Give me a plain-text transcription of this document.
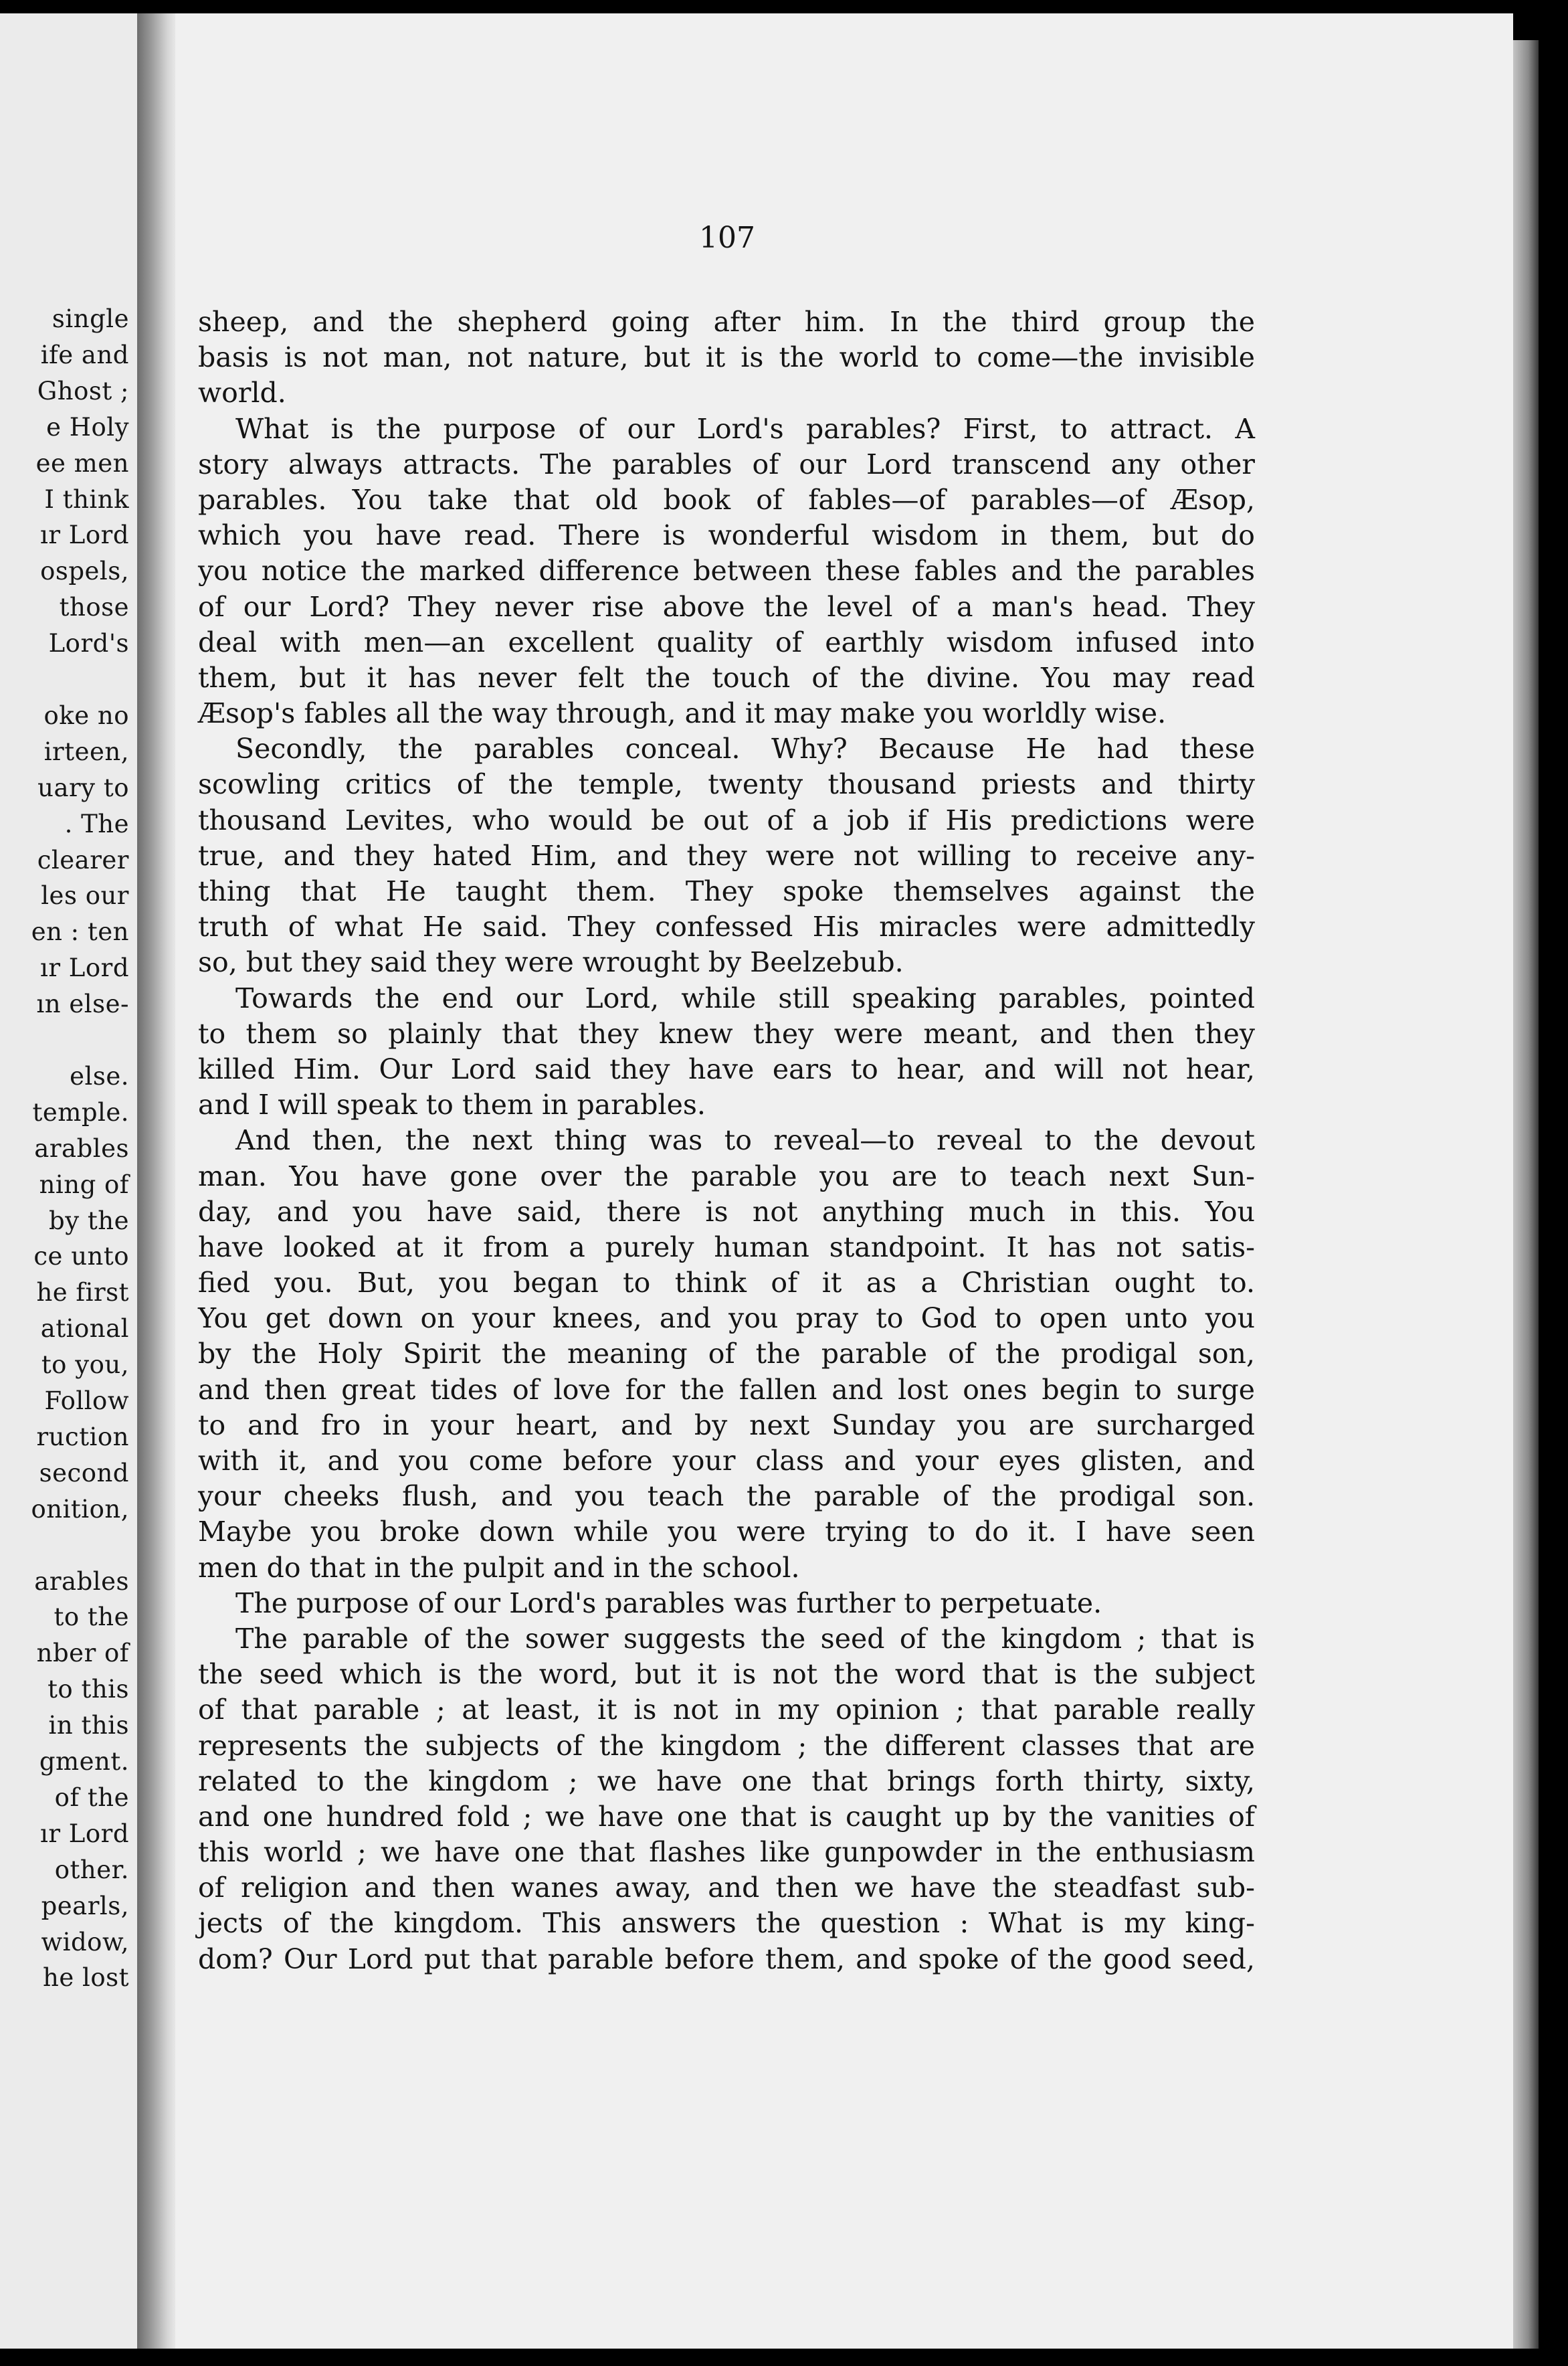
single
ife and
Ghost ;
e Holy
ee men
I think
ır Lord
ospels,
those
Lord's
oke no
irteen,
uary to
. The
clearer
les our
en : ten
ır Lord
ın else-
else.
temple.
arables
ning of
by the
ce unto
he first
ational
to you,
Follow
ruction
second
onition,
arables
to the
nber of
to this
in this
gment.
of the
ır Lord
other.
pearls,
widow,
he lost
107
sheep, and the shepherd going after him. In the third group the
basis is not man, not nature, but it is the world to come—the invisible
world.
What is the purpose of our Lord's parables? First, to attract. A
story always attracts. The parables of our Lord transcend any other
parables. You take that old book of fables—of parables—of Æsop,
which you have read. There is wonderful wisdom in them, but do
you notice the marked difference between these fables and the parables
of our Lord? They never rise above the level of a man's head. They
deal with men—an excellent quality of earthly wisdom infused into
them, but it has never felt the touch of the divine. You may read
Æsop's fables all the way through, and it may make you worldly wise.
Secondly, the parables conceal. Why? Because He had these
scowling critics of the temple, twenty thousand priests and thirty
thousand Levites, who would be out of a job if His predictions were
true, and they hated Him, and they were not willing to receive any-
thing that He taught them. They spoke themselves against the
truth of what He said. They confessed His miracles were admittedly
so, but they said they were wrought by Beelzebub.
Towards the end our Lord, while still speaking parables, pointed
to them so plainly that they knew they were meant, and then they
killed Him. Our Lord said they have ears to hear, and will not hear,
and I will speak to them in parables.
And then, the next thing was to reveal—to reveal to the devout
man. You have gone over the parable you are to teach next Sun-
day, and you have said, there is not anything much in this. You
have looked at it from a purely human standpoint. It has not satis-
fied you. But, you began to think of it as a Christian ought to.
You get down on your knees, and you pray to God to open unto you
by the Holy Spirit the meaning of the parable of the prodigal son,
and then great tides of love for the fallen and lost ones begin to surge
to and fro in your heart, and by next Sunday you are surcharged
with it, and you come before your class and your eyes glisten, and
your cheeks flush, and you teach the parable of the prodigal son.
Maybe you broke down while you were trying to do it. I have seen
men do that in the pulpit and in the school.
The purpose of our Lord's parables was further to perpetuate.
The parable of the sower suggests the seed of the kingdom ; that is
the seed which is the word, but it is not the word that is the subject
of that parable ; at least, it is not in my opinion ; that parable really
represents the subjects of the kingdom ; the different classes that are
related to the kingdom ; we have one that brings forth thirty, sixty,
and one hundred fold ; we have one that is caught up by the vanities of
this world ; we have one that flashes like gunpowder in the enthusiasm
of religion and then wanes away, and then we have the steadfast sub-
jects of the kingdom. This answers the question : What is my king-
dom? Our Lord put that parable before them, and spoke of the good seed,
